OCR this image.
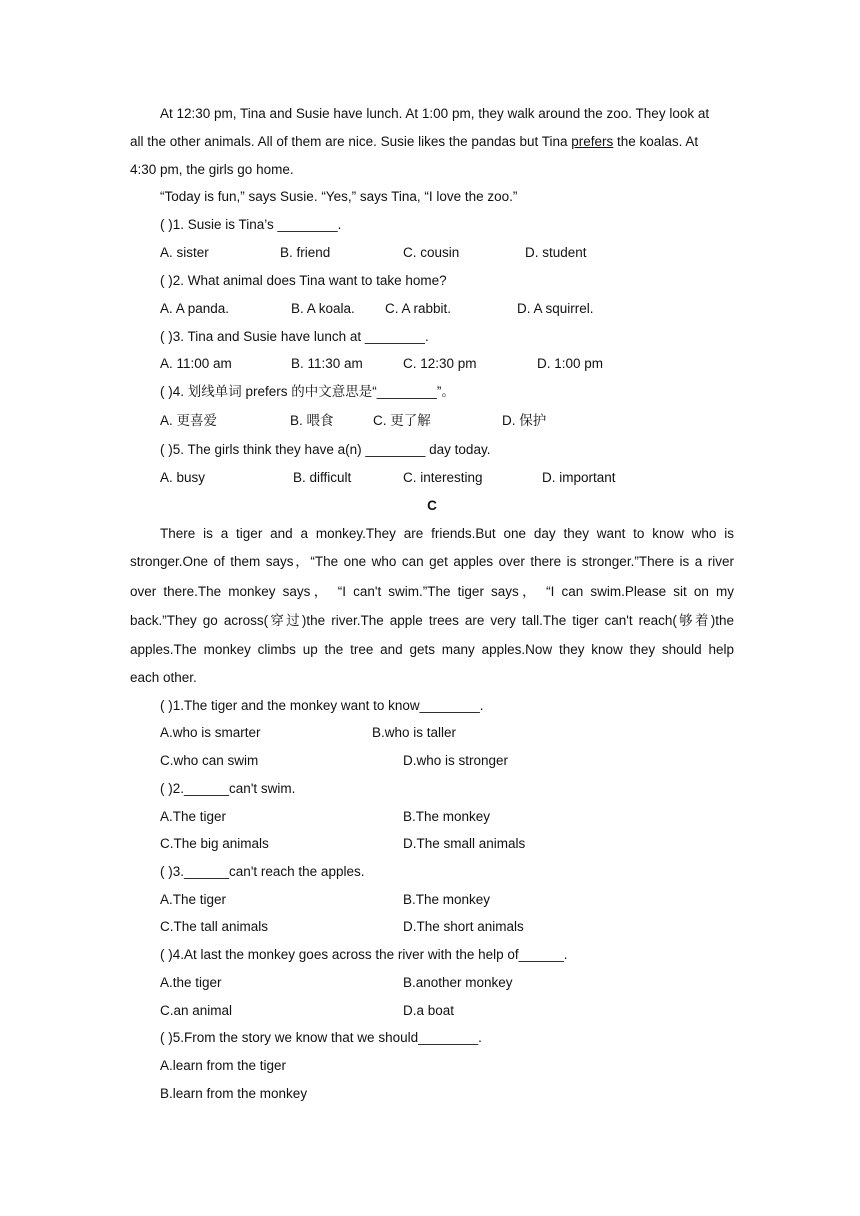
At 12:30 pm, Tina and Susie have lunch. At 1:00 pm, they walk around the zoo. They look at
all the other animals. All of them are nice. Susie likes the pandas but Tina prefers the koalas. At
4:30 pm, the girls go home.
“Today is fun,” says Susie. “Yes,” says Tina, “I love the zoo.”
( )1. Susie is Tina’s ________.
A. sister	B. friend	C. cousin	D. student
( )2. What animal does Tina want to take home?
A. A panda.	B. A koala. C. A rabbit.	D. A squirrel.
( )3. Tina and Susie have lunch at ________.
A. 11:00 am	B. 11:30 am	C. 12:30 pm	D. 1:00 pm
( )4. 划线单词 prefers 的中文意思是“________”。
A. 更喜爱	B. 喂食	C. 更了解	D. 保护
( )5. The girls think they have a(n) ________ day today.
A. busy	B. difficult	C. interesting	D. important
C
There is a tiger and a monkey.They are friends.But one day they want to know who is
stronger.One of them says，“The one who can get apples over there is stronger.”There is a river
over there.The monkey says， “I can't swim.”The tiger says， “I can swim.Please sit on my
back.”They go across(穿过)the river.The apple trees are very tall.The tiger can't reach(够着)the
apples.The monkey climbs up the tree and gets many apples.Now they know they should help
each other.
( )1.The tiger and the monkey want to know________.
A.who is smarter	B.who is taller
C.who can swim	D.who is stronger
( )2.______can't swim.
A.The tiger	B.The monkey
C.The big animals	D.The small animals
( )3.______can't reach the apples.
A.The tiger	B.The monkey
C.The tall animals	D.The short animals
( )4.At last the monkey goes across the river with the help of______.
A.the tiger	B.another monkey
C.an animal	D.a boat
( )5.From the story we know that we should________.
A.learn from the tiger
B.learn from the monkey
